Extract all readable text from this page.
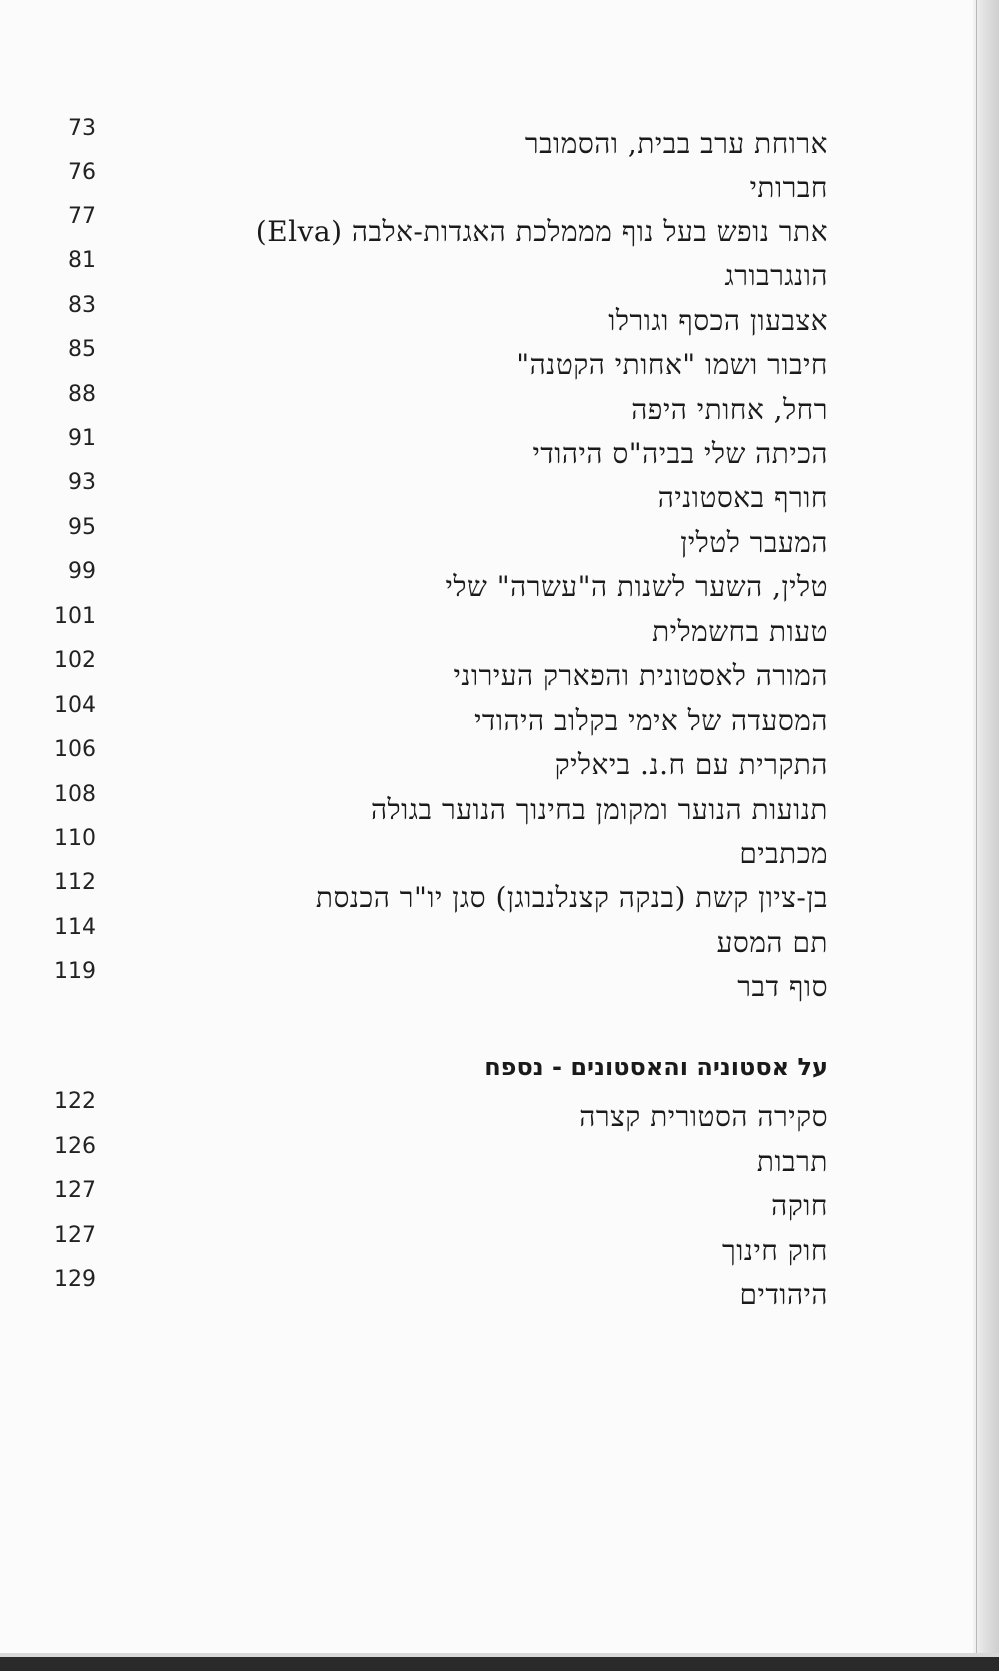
ארוחת ערב בבית, והסמובר
73
חברותי
76
אתר נופש בעל נוף מממלכת האגדות-אלבה (Elva)
77
הונגרבורג
81
אצבעון הכסף וגורלו
83
חיבור ושמו "אחותי הקטנה"
85
רחל, אחותי היפה
88
הכיתה שלי בביה"ס היהודי
91
חורף באסטוניה
93
המעבר לטלין
95
טלין, השער לשנות ה"עשרה" שלי
99
טעות בחשמלית
101
המורה לאסטונית והפארק העירוני
102
המסעדה של אימי בקלוב היהודי
104
התקרית עם ח.נ. ביאליק
106
תנועות הנוער ומקומן בחינוך הנוער בגולה
108
מכתבים
110
בן-ציון קשת (בנקה קצנלנבוגן) סגן יו"ר הכנסת
112
תם המסע
114
סוף דבר
119
על אסטוניה והאסטונים - נספח
סקירה הסטורית קצרה
122
תרבות
126
חוקה
127
חוק חינוך
127
היהודים
129
